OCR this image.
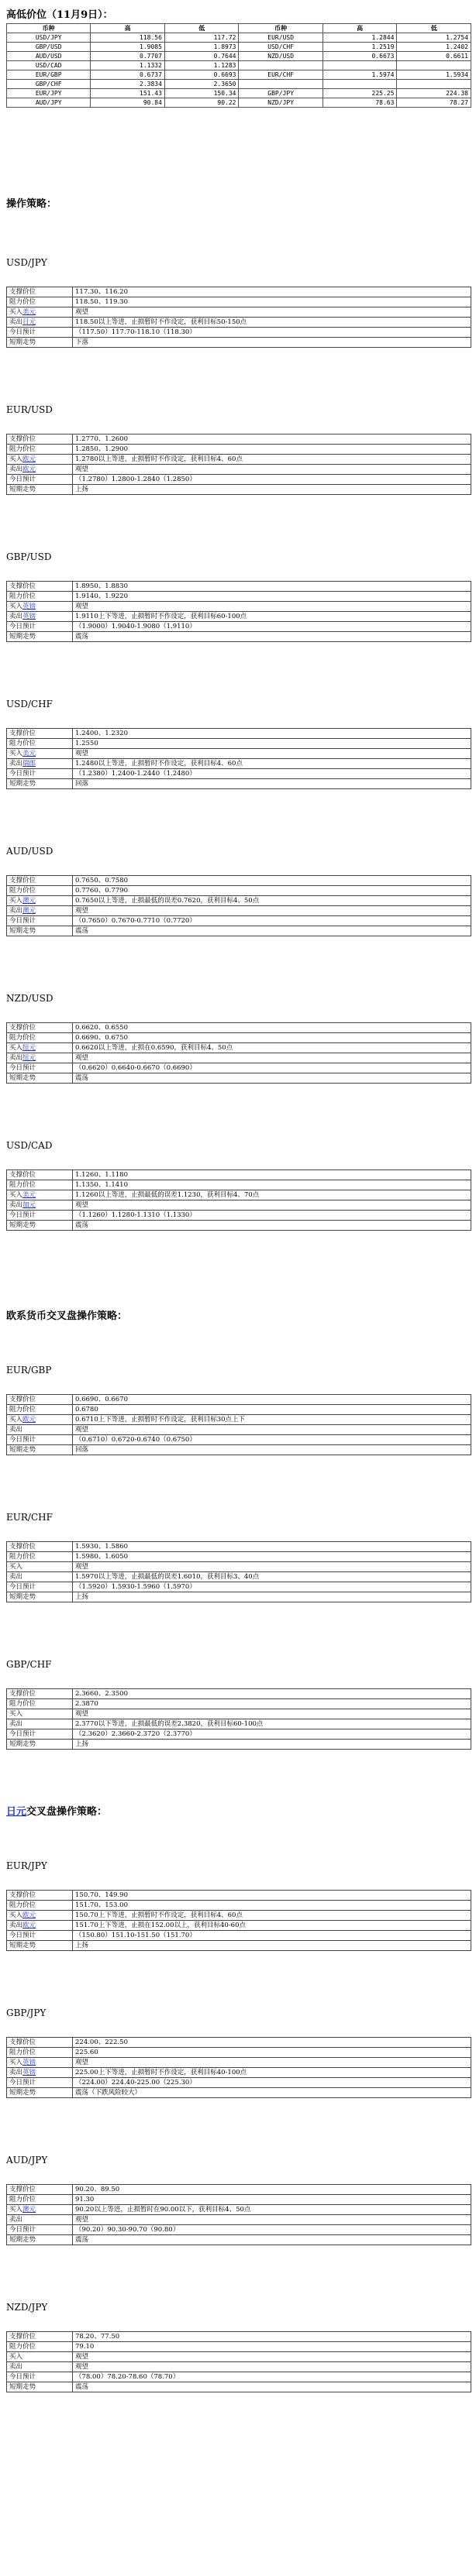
高低价位（11月9日）：
币种	高	低	币种	高	低
USD/JPY	118.56	117.72	EUR/USD	1.2844	1.2754
GBP/USD	1.9085	1.8973	USD/CHF	1.2519	1.2402
AUD/USD	0.7707	0.7644	NZD/USD	0.6673	0.6611
USD/CAD	1.1332	1.1283			
EUR/GBP	0.6737	0.6693	EUR/CHF	1.5974	1.5934
GBP/CHF	2.3834	2.3650			
EUR/JPY	151.43	150.34	GBP/JPY	225.25	224.38
AUD/JPY	90.84	90.22	NZD/JPY	78.63	78.27
操作策略：
欧系货币交叉盘操作策略：
日元交叉盘操作策略：
USD/JPY
支撑价位	117.30、116.20
阻力价位	118.50、119.30
买入美元	观望
卖出日元	118.50以上等进，止损暂时不作设定，获利目标50-150点
今日预计	（117.50）117.70-118.10（118.30）
短期走势	下落
EUR/USD
支撑价位	1.2770、1.2600
阻力价位	1.2850、1.2900
买入欧元	1.2780以上等进，止损暂时不作设定，获利目标4、60点
卖出欧元	观望
今日预计	（1.2780）1.2800-1.2840（1.2850）
短期走势	上扬
GBP/USD
支撑价位	1.8950、1.8830
阻力价位	1.9140、1.9220
买入英镑	观望
卖出英镑	1.9110上下等进，止损暂时不作设定，获利目标60-100点
今日预计	（1.9000）1.9040-1.9080（1.9110）
短期走势	震荡
USD/CHF
支撑价位	1.2400、1.2320
阻力价位	1.2550
买入美元	观望
卖出瑞郎	1.2480以上等进，止损暂时不作设定，获利目标4、60点
今日预计	（1.2380）1.2400-1.2440（1.2480）
短期走势	回落
AUD/USD
支撑价位	0.7650、0.7580
阻力价位	0.7760、0.7790
买入澳元	0.7650以上等进，止损最低的误差0.7620，获利目标4、50点
卖出澳元	观望
今日预计	（0.7650）0.7670-0.7710（0.7720）
短期走势	震荡
NZD/USD
支撑价位	0.6620、0.6550
阻力价位	0.6690、0.6750
买入纽元	0.6620以上等进，止损在0.6590，获利目标4、50点
卖出纽元	观望
今日预计	（0.6620）0.6640-0.6670（0.6690）
短期走势	震荡
USD/CAD
支撑价位	1.1260、1.1180
阻力价位	1.1350、1.1410
买入美元	1.1260以上等进，止损最低的误差1.1230，获利目标4、70点
卖出加元	观望
今日预计	（1.1260）1.1280-1.1310（1.1330）
短期走势	震荡
EUR/GBP
支撑价位	0.6690、0.6670
阻力价位	0.6780
买入欧元	0.6710上下等进，止损暂时不作设定，获利目标30点上下
卖出	观望
今日预计	（0.6710）0.6720-0.6740（0.6750）
短期走势	回落
EUR/CHF
支撑价位	1.5930、1.5860
阻力价位	1.5980、1.6050
买入	观望
卖出	1.5970以上等进，止损最低的误差1.6010，获利目标3、40点
今日预计	（1.5920）1.5930-1.5960（1.5970）
短期走势	上扬
GBP/CHF
支撑价位	2.3660、2.3500
阻力价位	2.3870
买入	观望
卖出	2.3770以下等进，止损最低的误差2.3820，获利目标60-100点
今日预计	（2.3620）2.3660-2.3720（2.3770）
短期走势	上扬
EUR/JPY
支撑价位	150.70、149.90
阻力价位	151.70、153.00
买入欧元	150.70上下等进，止损暂时不作设定，获利目标4、60点
卖出欧元	151.70上下等进，止损在152.00以上，获利目标40-60点
今日预计	（150.80）151.10-151.50（151.70）
短期走势	上扬
GBP/JPY
支撑价位	224.00、222.50
阻力价位	225.60
买入英镑	观望
卖出英镑	225.00上下等进，止损暂时不作设定，获利目标40-100点
今日预计	（224.00）224.40-225.00（225.30）
短期走势	震荡（下跌风险较大）
AUD/JPY
支撑价位	90.20、89.50
阻力价位	91.30
买入澳元	90.20以上等进，止损暂时在90.00以下，获利目标4、50点
卖出	观望
今日预计	（90.20）90.30-90.70（90.80）
短期走势	震荡
NZD/JPY
支撑价位	78.20、77.50
阻力价位	79.10
买入	观望
卖出	观望
今日预计	（78.00）78.20-78.60（78.70）
短期走势	震荡
